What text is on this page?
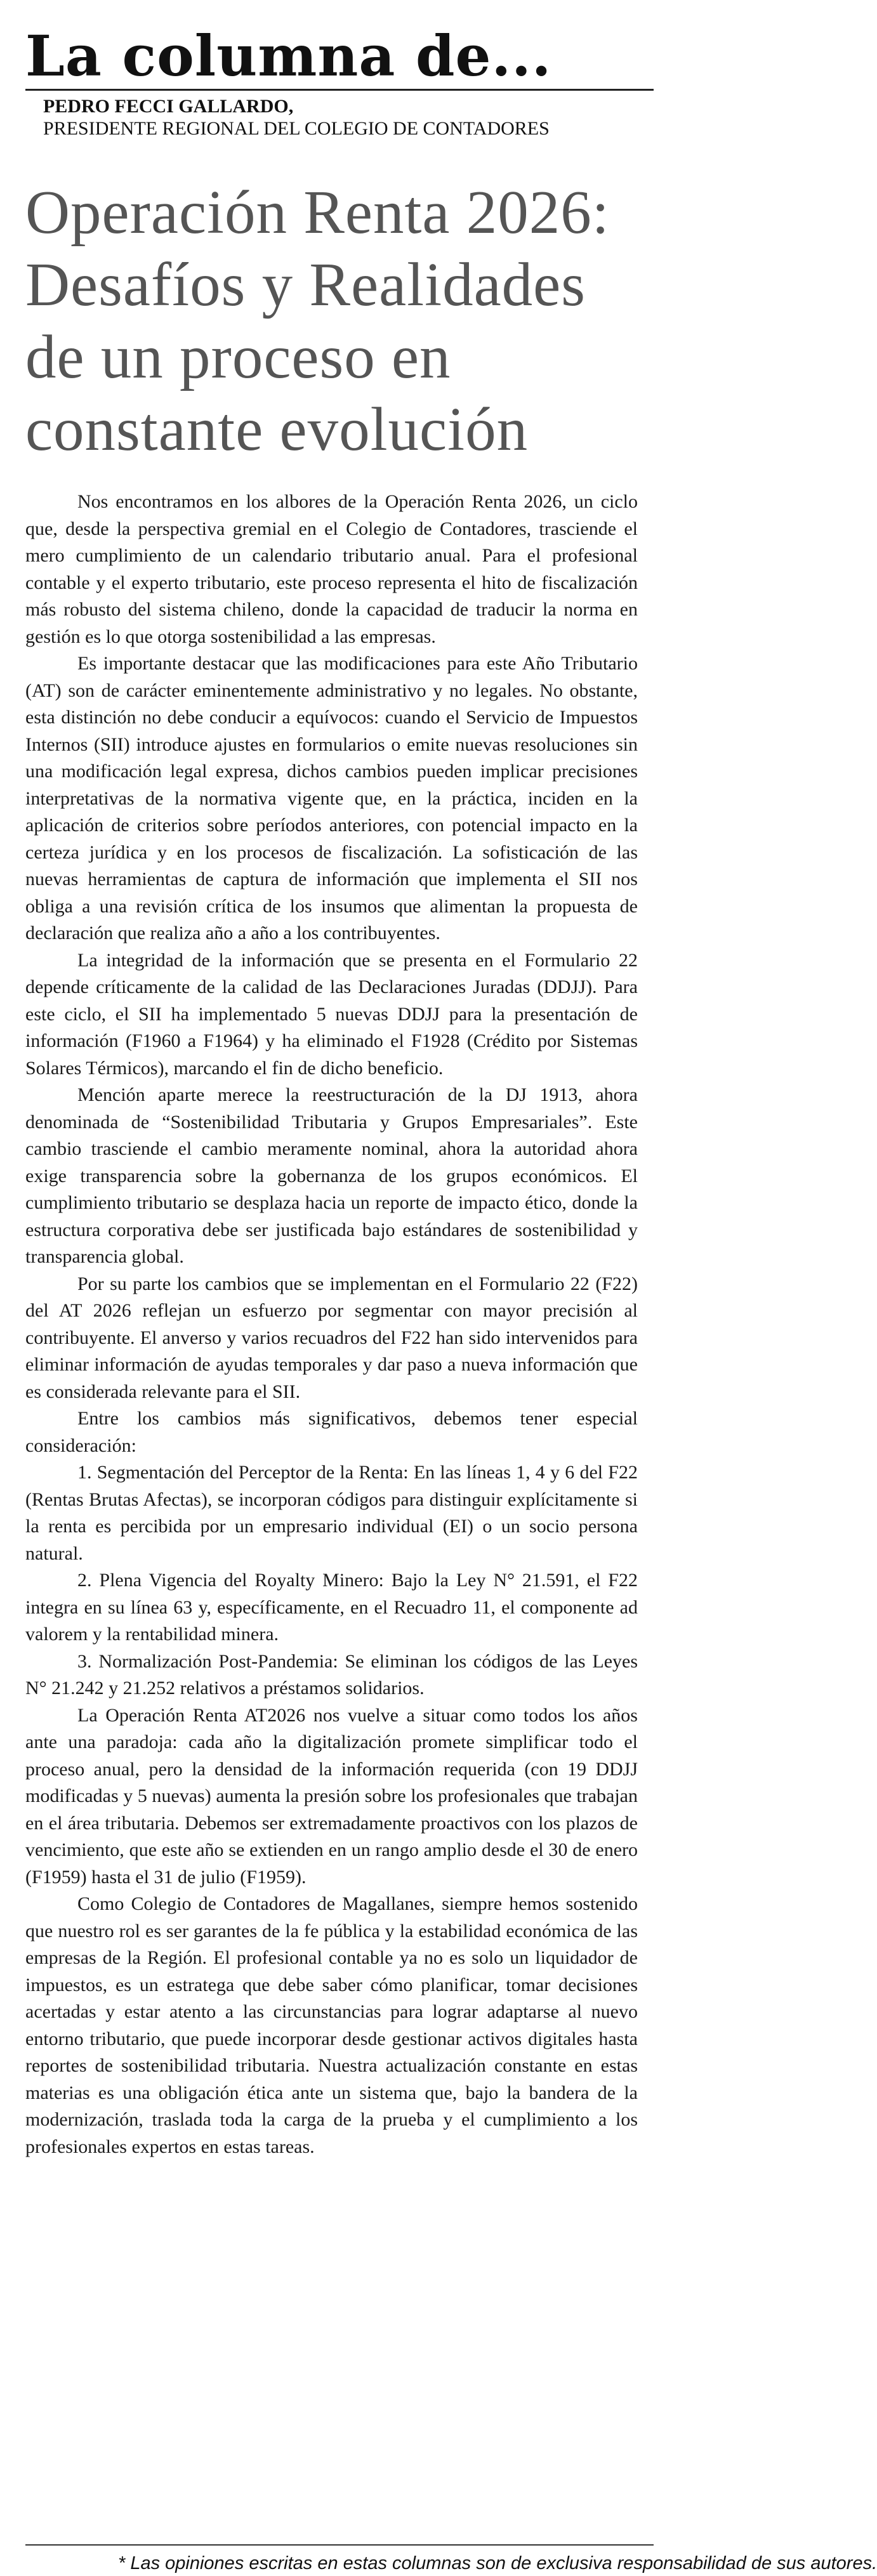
La columna de...
PEDRO FECCI GALLARDO,
PRESIDENTE REGIONAL DEL COLEGIO DE CONTADORES
Operación Renta 2026: Desafíos y Realidades de un proceso en constante evolución

Nos encontramos en los albores de la Operación Renta 2026, un ciclo que, desde la perspectiva gremial en el Colegio de Contadores, trasciende el mero cumplimiento de un calendario tributario anual. Para el profesional contable y el experto tributario, este proceso representa el hito de fiscalización más robusto del sistema chileno, donde la capacidad de traducir la norma en gestión es lo que otorga sostenibilidad a las empresas.

Es importante destacar que las modificaciones para este Año Tributario (AT) son de carácter eminentemente administrativo y no legales. No obstante, esta distinción no debe conducir a equívocos: cuando el Servicio de Impuestos Internos (SII) introduce ajustes en formularios o emite nuevas resoluciones sin una modificación legal expresa, dichos cambios pueden implicar precisiones interpretativas de la normativa vigente que, en la práctica, inciden en la aplicación de criterios sobre períodos anteriores, con potencial impacto en la certeza jurídica y en los procesos de fiscalización. La sofisticación de las nuevas herramientas de captura de información que implementa el SII nos obliga a una revisión crítica de los insumos que alimentan la propuesta de declaración que realiza año a año a los contribuyentes.

La integridad de la información que se presenta en el Formulario 22 depende críticamente de la calidad de las Declaraciones Juradas (DDJJ). Para este ciclo, el SII ha implementado 5 nuevas DDJJ para la presentación de información (F1960 a F1964) y ha eliminado el F1928 (Crédito por Sistemas Solares Térmicos), marcando el fin de dicho beneficio.

Mención aparte merece la reestructuración de la DJ 1913, ahora denominada de “Sostenibilidad Tributaria y Grupos Empresariales”. Este cambio trasciende el cambio meramente nominal, ahora la autoridad ahora exige transparencia sobre la gobernanza de los grupos económicos. El cumplimiento tributario se desplaza hacia un reporte de impacto ético, donde la estructura corporativa debe ser justificada bajo estándares de sostenibilidad y transparencia global.

Por su parte los cambios que se implementan en el Formulario 22 (F22) del AT 2026 reflejan un esfuerzo por segmentar con mayor precisión al contribuyente. El anverso y varios recuadros del F22 han sido intervenidos para eliminar información de ayudas temporales y dar paso a nueva información que es considerada relevante para el SII.

Entre los cambios más significativos, debemos tener especial consideración:

1. Segmentación del Perceptor de la Renta: En las líneas 1, 4 y 6 del F22 (Rentas Brutas Afectas), se incorporan códigos para distinguir explícitamente si la renta es percibida por un empresario individual (EI) o un socio persona natural.

2. Plena Vigencia del Royalty Minero: Bajo la Ley N° 21.591, el F22 integra en su línea 63 y, específicamente, en el Recuadro 11, el componente ad valorem y la rentabilidad minera.

3. Normalización Post-Pandemia: Se eliminan los códigos de las Leyes N° 21.242 y 21.252 relativos a préstamos solidarios.

La Operación Renta AT2026 nos vuelve a situar como todos los años ante una paradoja: cada año la digitalización promete simplificar todo el proceso anual, pero la densidad de la información requerida (con 19 DDJJ modificadas y 5 nuevas) aumenta la presión sobre los profesionales que trabajan en el área tributaria. Debemos ser extremadamente proactivos con los plazos de vencimiento, que este año se extienden en un rango amplio desde el 30 de enero (F1959) hasta el 31 de julio (F1959).

Como Colegio de Contadores de Magallanes, siempre hemos sostenido que nuestro rol es ser garantes de la fe pública y la estabilidad económica de las empresas de la Región. El profesional contable ya no es solo un liquidador de impuestos, es un estratega que debe saber cómo planificar, tomar decisiones acertadas y estar atento a las circunstancias para lograr adaptarse al nuevo entorno tributario, que puede incorporar desde gestionar activos digitales hasta reportes de sostenibilidad tributaria. Nuestra actualización constante en estas materias es una obligación ética ante un sistema que, bajo la bandera de la modernización, traslada toda la carga de la prueba y el cumplimiento a los profesionales expertos en estas tareas.

* Las opiniones escritas en estas columnas son de exclusiva responsabilidad de sus autores.
